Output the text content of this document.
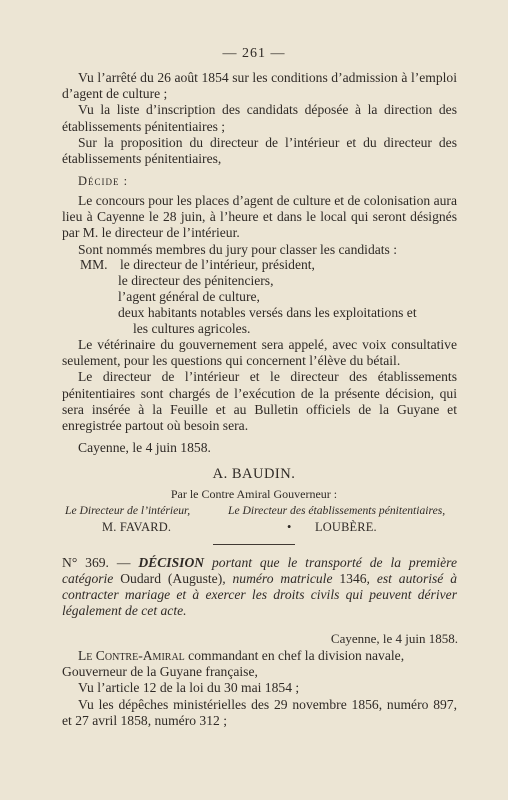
— 261 —

Vu l’arrêté du 26 août 1854 sur les conditions d’admission à l’emploi d’agent de culture ;

Vu la liste d’inscription des candidats déposée à la direction des établissements pénitentiaires ;

Sur la proposition du directeur de l’intérieur et du directeur des établissements pénitentiaires,

Décide :

Le concours pour les places d’agent de culture et de colonisation aura lieu à Cayenne le 28 juin, à l’heure et dans le local qui seront désignés par M. le directeur de l’intérieur.

Sont nommés membres du jury pour classer les candidats :

MM. le directeur de l’intérieur, président,
le directeur des pénitenciers,
l’agent général de culture,
deux habitants notables versés dans les exploitations et
les cultures agricoles.

Le vétérinaire du gouvernement sera appelé, avec voix consultative seulement, pour les questions qui concernent l’élève du bétail.

Le directeur de l’intérieur et le directeur des établissements pénitentiaires sont chargés de l’exécution de la présente décision, qui sera insérée à la Feuille et au Bulletin officiels de la Guyane et enregistrée partout où besoin sera.

Cayenne, le 4 juin 1858.
A. BAUDIN.
Par le Contre Amiral Gouverneur :
Le Directeur de l’intérieur,	Le Directeur des établissements pénitentiaires,
M. FAVARD.	• LOUBÈRE.
N° 369. — DÉCISION portant que le transporté de la première catégorie Oudard (Auguste), numéro matricule 1346, est autorisé à contracter mariage et à exercer les droits civils qui peuvent dériver légalement de cet acte.
Cayenne, le 4 juin 1858.

Le Contre-Amiral commandant en chef la division navale,

Gouverneur de la Guyane française,

Vu l’article 12 de la loi du 30 mai 1854 ;

Vu les dépêches ministérielles des 29 novembre 1856, numéro 897, et 27 avril 1858, numéro 312 ;
